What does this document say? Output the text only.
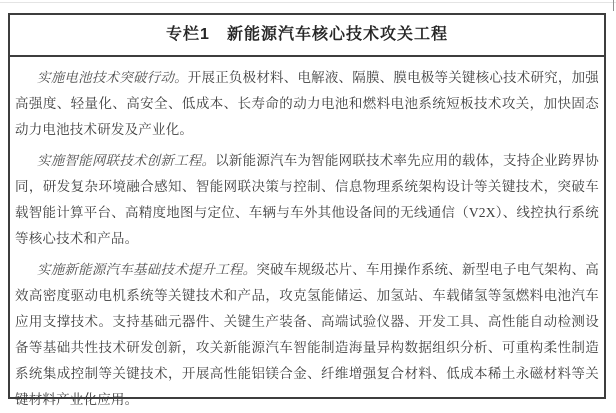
专栏1　新能源汽车核心技术攻关工程

实施电池技术突破行动。开展正负极材料、电解液、隔膜、膜电极等关键核心技术研究，加强高强度、轻量化、高安全、低成本、长寿命的动力电池和燃料电池系统短板技术攻关，加快固态动力电池技术研发及产业化。

实施智能网联技术创新工程。以新能源汽车为智能网联技术率先应用的载体，支持企业跨界协同，研发复杂环境融合感知、智能网联决策与控制、信息物理系统架构设计等关键技术，突破车载智能计算平台、高精度地图与定位、车辆与车外其他设备间的无线通信（V2X）、线控执行系统等核心技术和产品。

实施新能源汽车基础技术提升工程。突破车规级芯片、车用操作系统、新型电子电气架构、高效高密度驱动电机系统等关键技术和产品，攻克氢能储运、加氢站、车载储氢等氢燃料电池汽车应用支撑技术。支持基础元器件、关键生产装备、高端试验仪器、开发工具、高性能自动检测设备等基础共性技术研发创新，攻关新能源汽车智能制造海量异构数据组织分析、可重构柔性制造系统集成控制等关键技术，开展高性能铝镁合金、纤维增强复合材料、低成本稀土永磁材料等关键材料产业化应用。
